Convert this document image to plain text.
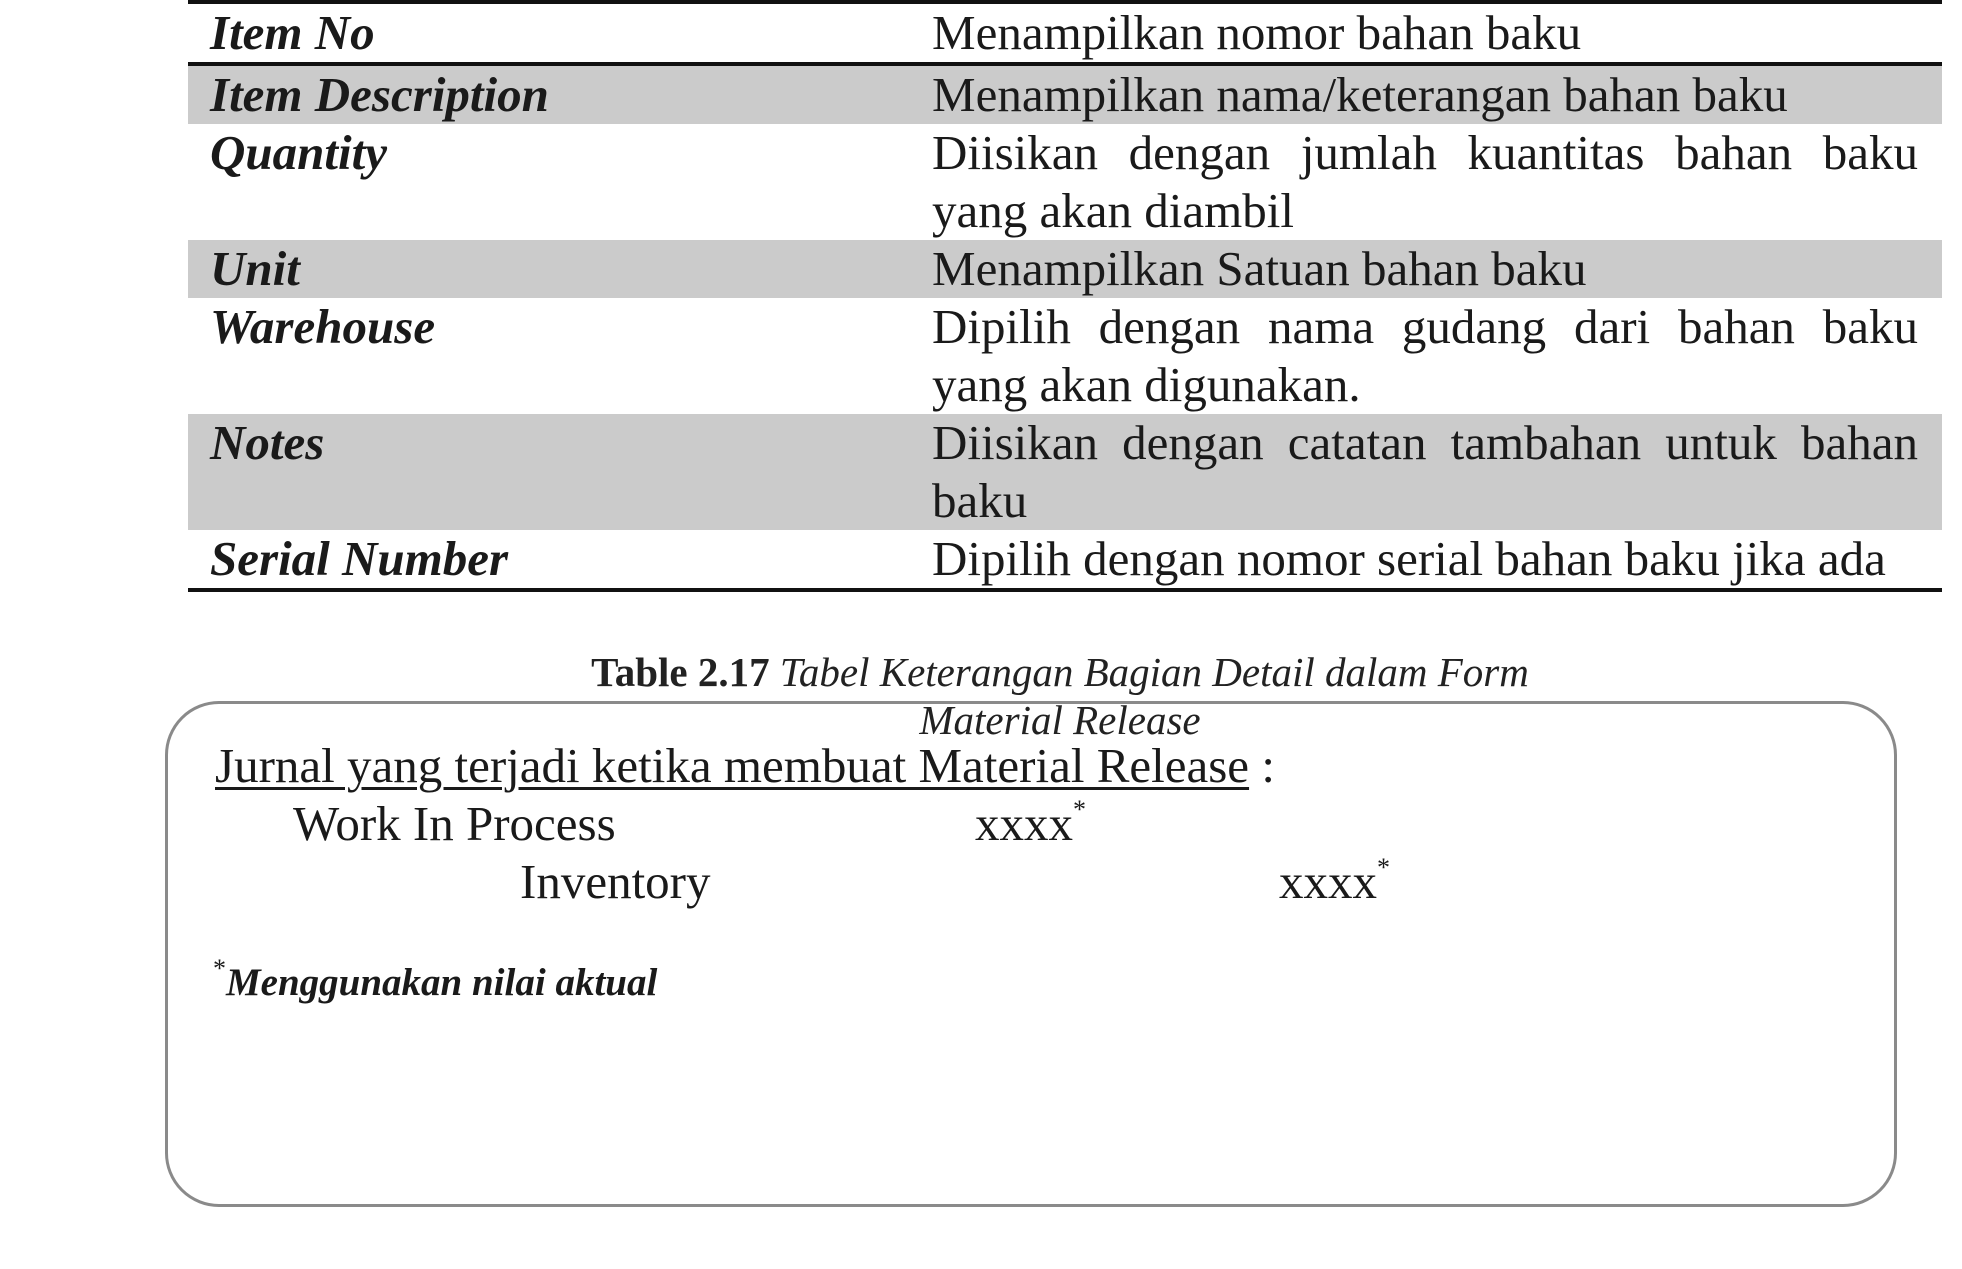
Item No	Menampilkan nomor bahan baku
Item Description	Menampilkan nama/keterangan bahan baku
Quantity	Diisikan dengan jumlah kuantitas bahan baku yang akan diambil
Unit	Menampilkan Satuan bahan baku
Warehouse	Dipilih dengan nama gudang dari bahan baku yang akan digunakan.
Notes	Diisikan dengan catatan tambahan untuk bahan baku
Serial Number	Dipilih dengan nomor serial bahan baku jika ada
Table 2.17 Tabel Keterangan Bagian Detail dalam Form Material Release
Jurnal yang terjadi ketika membuat Material Release :
Work In Process	xxxx*
Inventory	xxxx*
*Menggunakan nilai aktual
